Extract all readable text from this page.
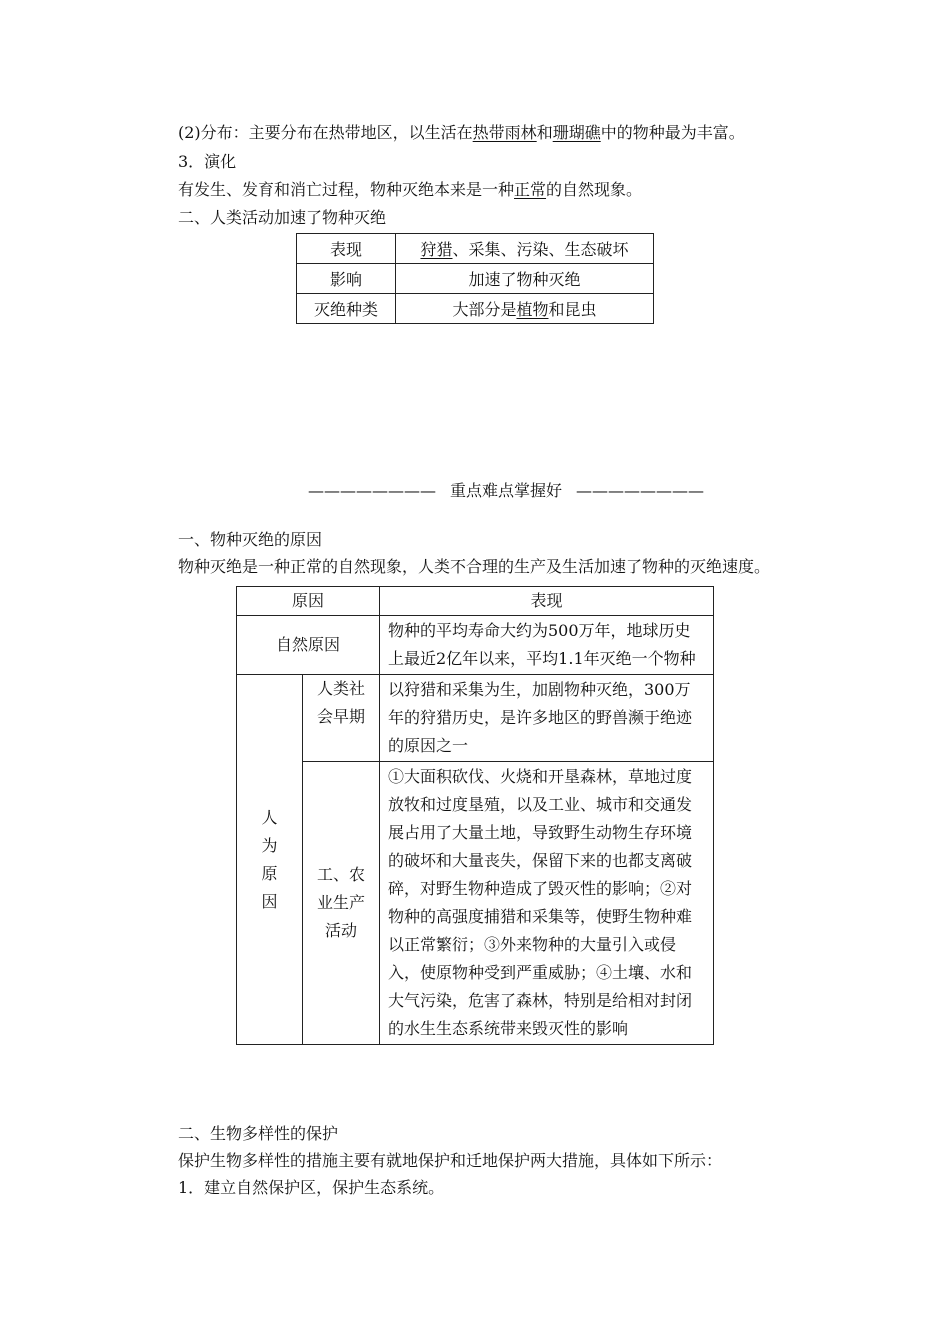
(2)分布：主要分布在热带地区，以生活在热带雨林和珊瑚礁中的物种最为丰富。
3．演化
有发生、发育和消亡过程，物种灭绝本来是一种正常的自然现象。
二、人类活动加速了物种灭绝
表现	狩猎、采集、污染、生态破坏
影响	加速了物种灭绝
灭绝种类	大部分是植物和昆虫
———————— 重点难点掌握好 ————————
一、物种灭绝的原因
物种灭绝是一种正常的自然现象，人类不合理的生产及生活加速了物种的灭绝速度。
原因		表现
自然原因		物种的平均寿命大约为500万年，地球历史上最近2亿年以来，平均1.1年灭绝一个物种
人为原因	人类社会早期	以狩猎和采集为生，加剧物种灭绝，300万年的狩猎历史，是许多地区的野兽濒于绝迹的原因之一
	工、农业生产活动	①大面积砍伐、火烧和开垦森林，草地过度放牧和过度垦殖，以及工业、城市和交通发展占用了大量土地，导致野生动物生存环境的破坏和大量丧失，保留下来的也都支离破碎，对野生物种造成了毁灭性的影响；②对物种的高强度捕猎和采集等，使野生物种难以正常繁衍；③外来物种的大量引入或侵入，使原物种受到严重威胁；④土壤、水和大气污染，危害了森林，特别是给相对封闭的水生生态系统带来毁灭性的影响
二、生物多样性的保护
保护生物多样性的措施主要有就地保护和迁地保护两大措施，具体如下所示：
1．建立自然保护区，保护生态系统。
